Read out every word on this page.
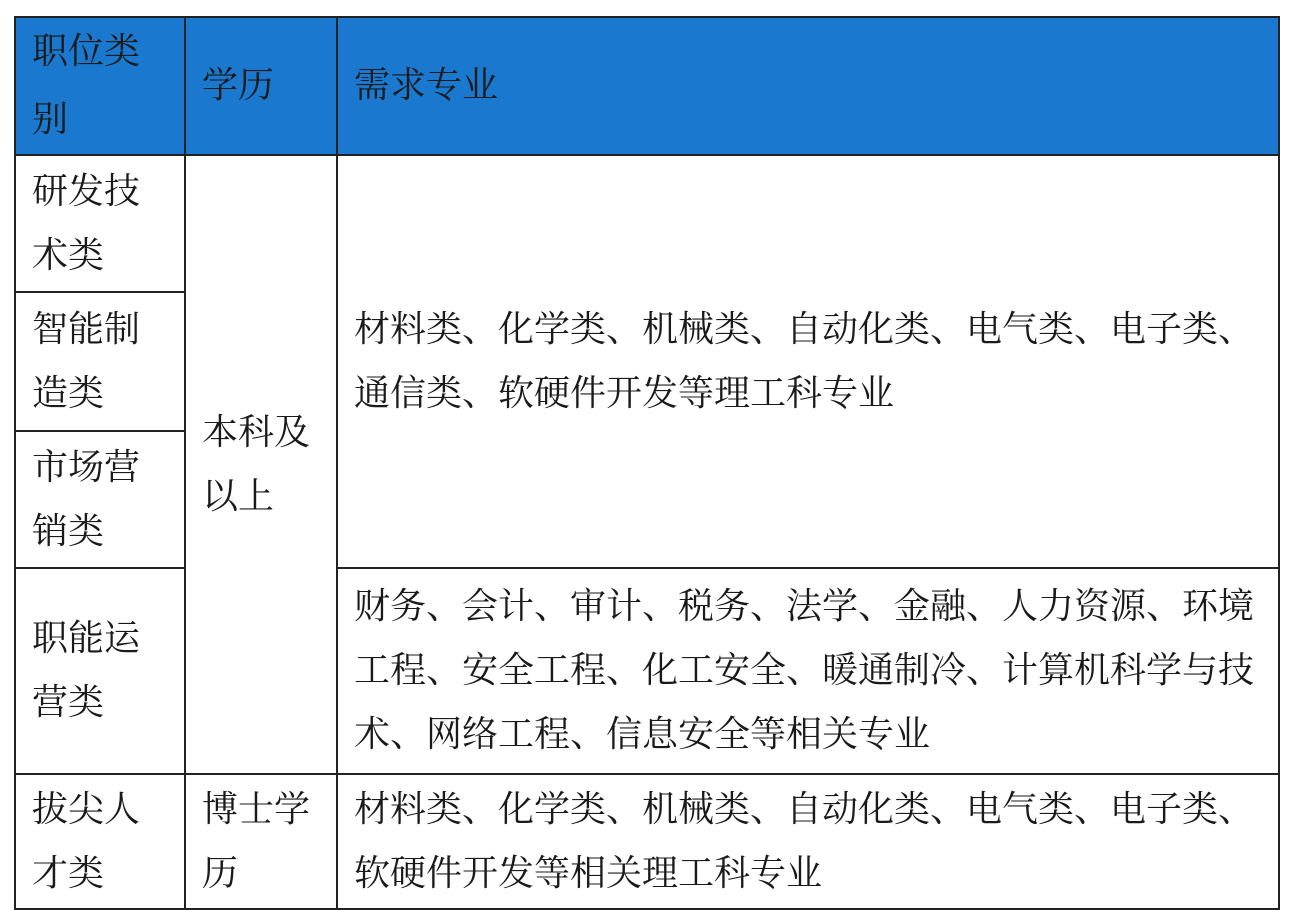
职位类别	学历	需求专业
研发技术类	本科及以上	材料类、化学类、机械类、自动化类、电气类、电子类、通信类、软硬件开发等理工科专业
智能制造类		
市场营销类		
职能运营类		财务、会计、审计、税务、法学、金融、人力资源、环境工程、安全工程、化工安全、暖通制冷、计算机科学与技术、网络工程、信息安全等相关专业
拔尖人才类	博士学历	材料类、化学类、机械类、自动化类、电气类、电子类、软硬件开发等相关理工科专业
